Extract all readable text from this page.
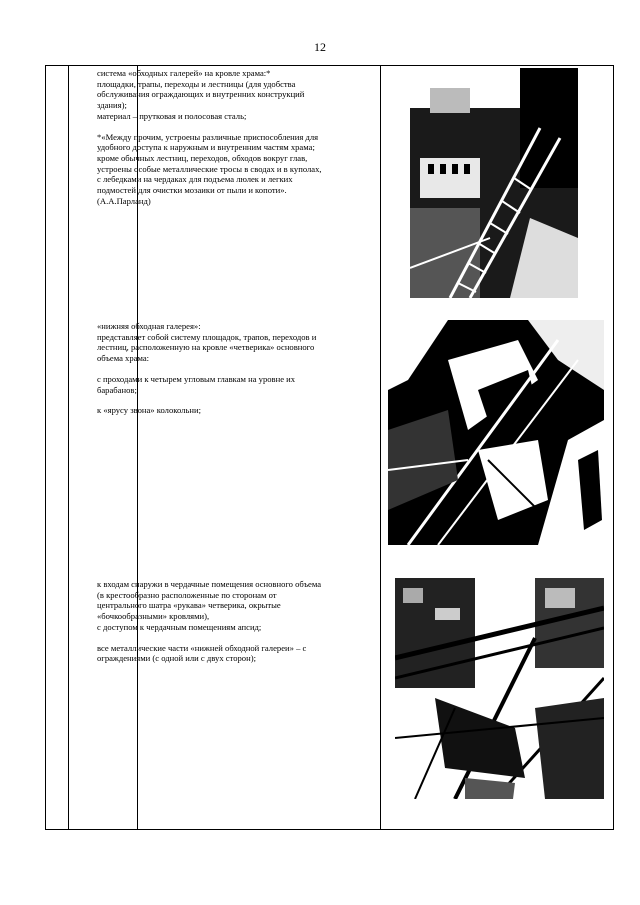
12

система «обходных галерей» на кровле храма:*
площадки, трапы, переходы и лестницы (для удобства обслуживания ограждающих и внутренних конструкций здания);
материал – прутковая и полосовая сталь;

*«Между прочим, устроены различные приспособления для удобного доступа к наружным и внутренним частям храма; кроме обычных лестниц, переходов, обходов вокруг глав, устроены особые металлические тросы в сводах и в куполах, с лебедками на чердаках для подъема люлек и легких подмостей для очистки мозаики от пыли и копоти». (А.А.Парланд)

«нижняя обходная галерея»:
представляет собой систему площадок, трапов, переходов и лестниц, расположенную на кровле «четверика» основного объема храма:

с проходами к четырем угловым главкам на уровне их барабанов;

к «ярусу звона» колокольни;

к входам снаружи в чердачные помещения основного объема (в крестообразно расположенные по сторонам от центрального шатра «рукава» четверика, окрытые «бочкообразными» кровлями),
с доступом к чердачным помещениям апсид;

все металлические части «нижней обходной галереи» – с ограждениями (с одной или с двух сторон);
